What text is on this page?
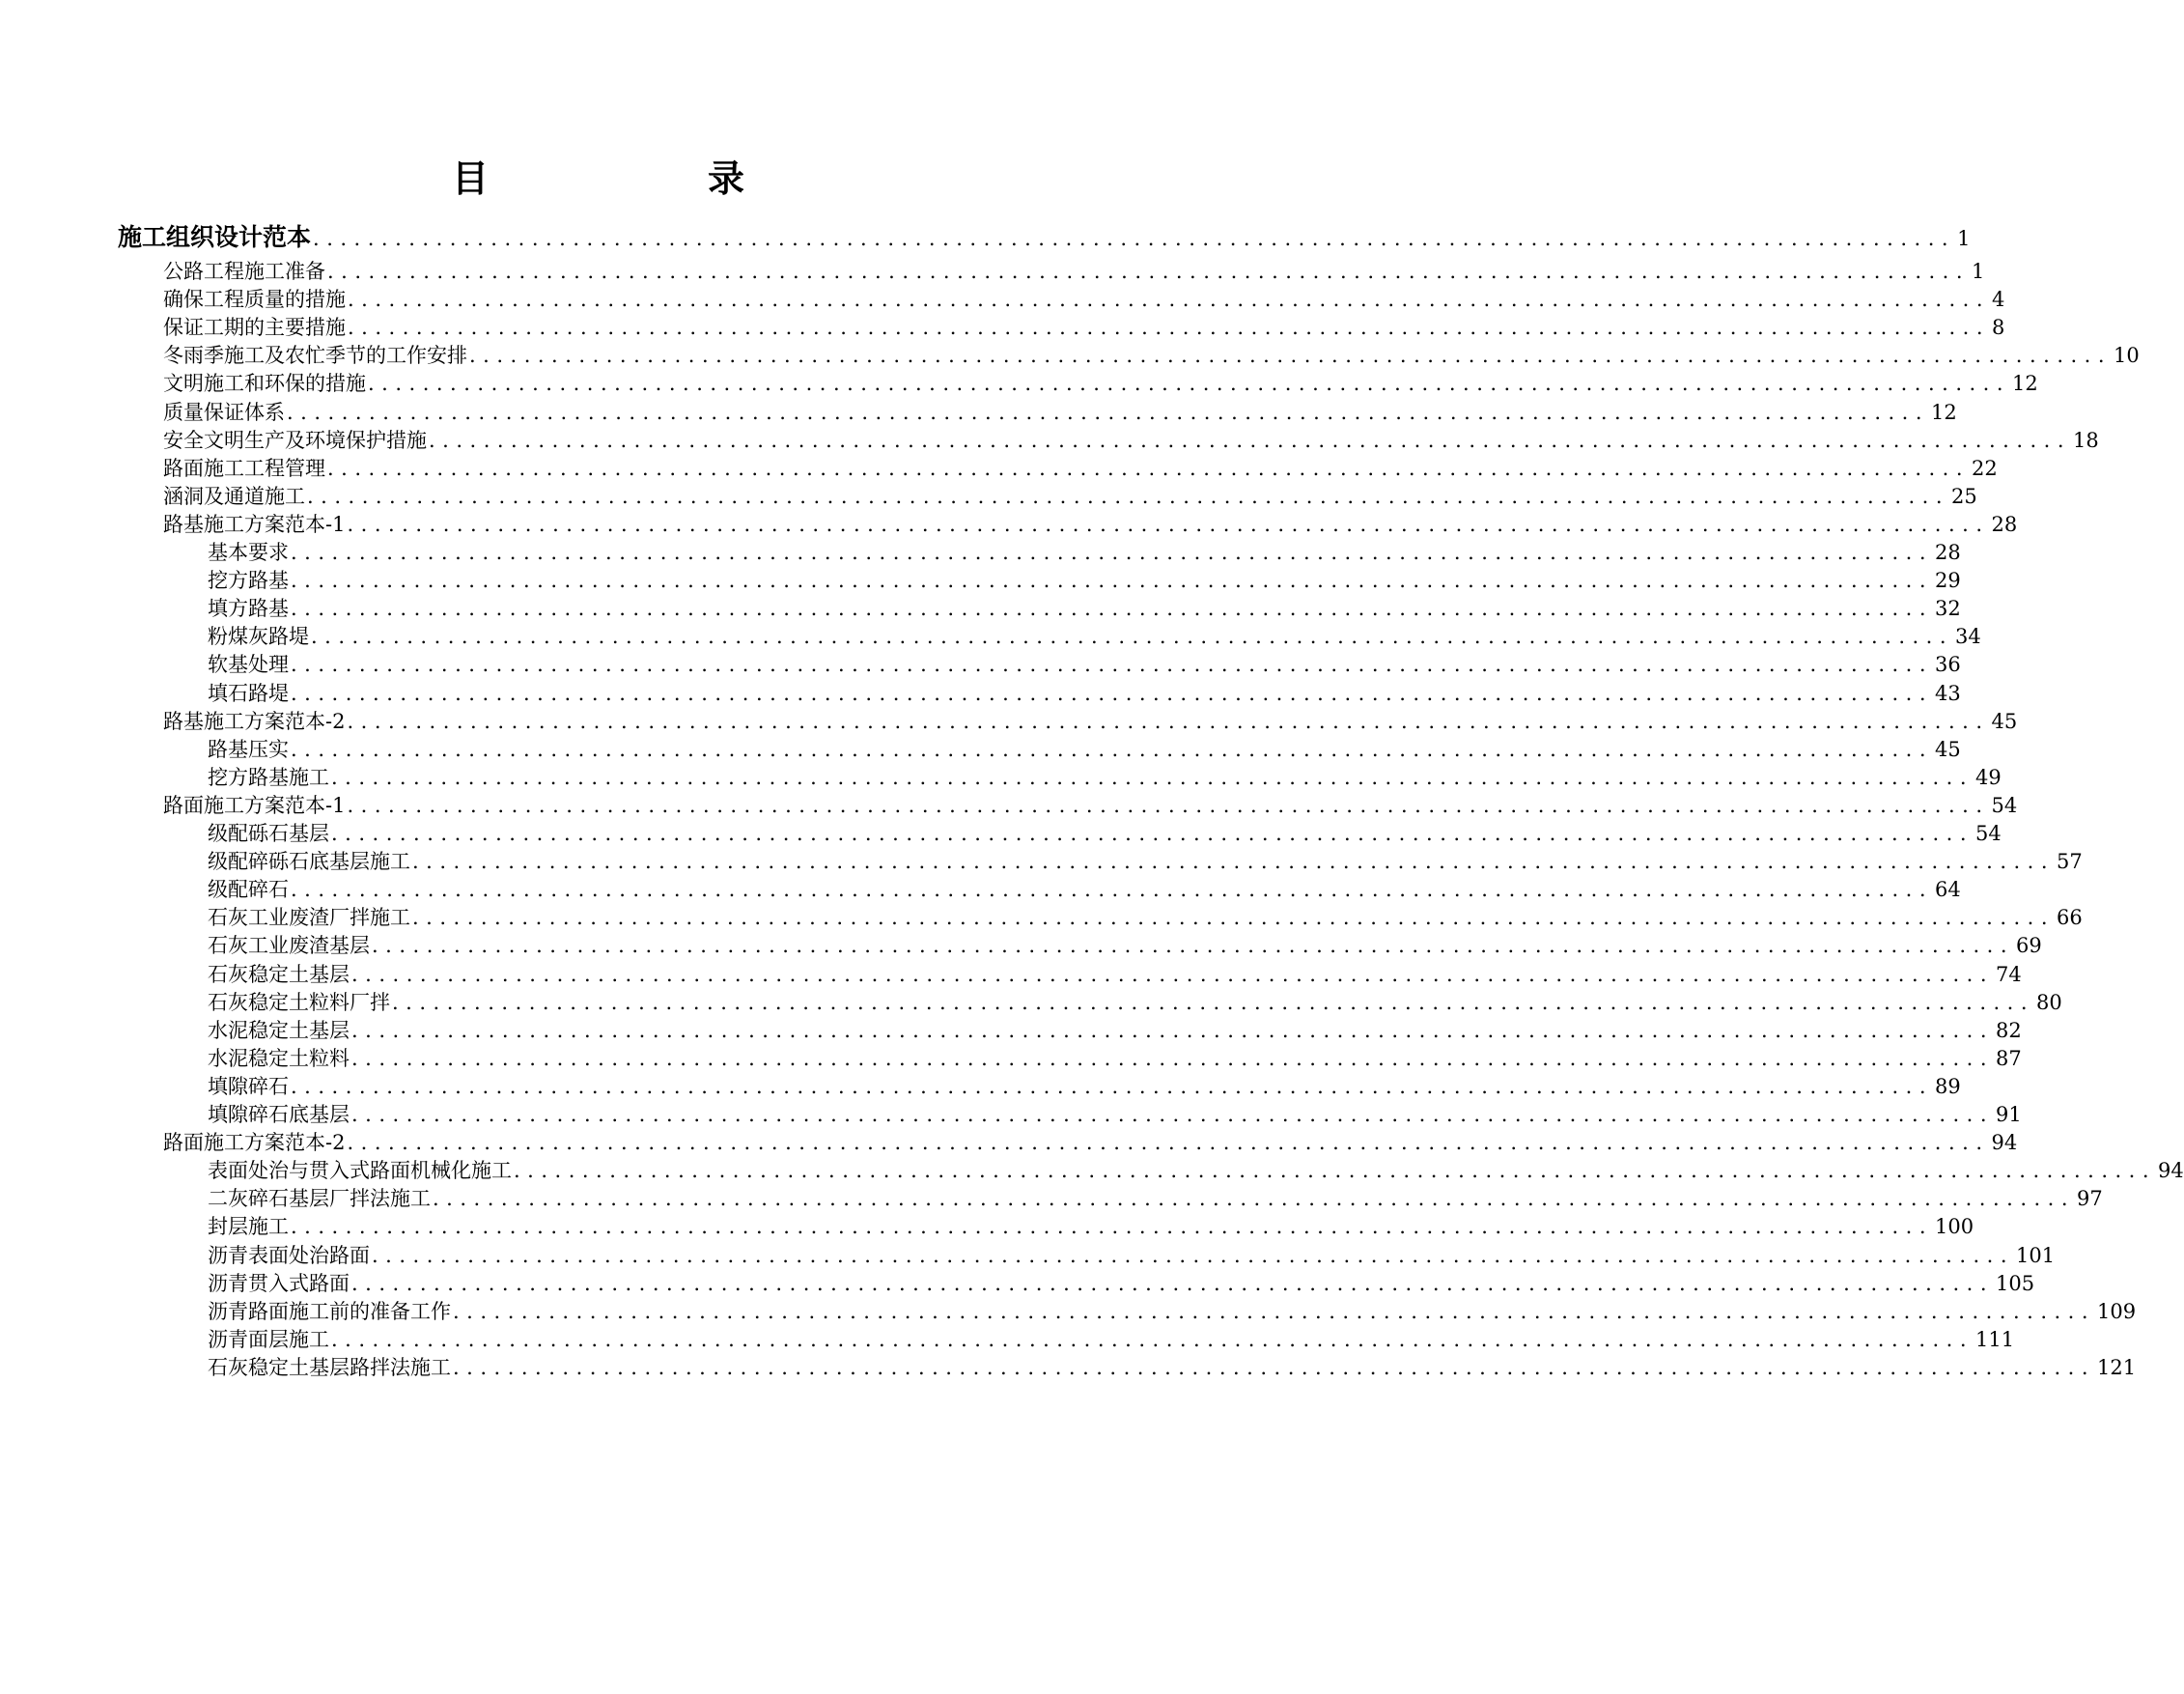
目	录
施工组织设计范本 ........................................................................................................................ 1
公路工程施工准备 ........................................................................................................................ 1
确保工程质量的措施 ........................................................................................................................ 4
保证工期的主要措施 ........................................................................................................................ 8
冬雨季施工及农忙季节的工作安排 ........................................................................................................................ 10
文明施工和环保的措施 ........................................................................................................................ 12
质量保证体系 ........................................................................................................................ 12
安全文明生产及环境保护措施 ........................................................................................................................ 18
路面施工工程管理 ........................................................................................................................ 22
涵洞及通道施工 ........................................................................................................................ 25
路基施工方案范本-1 ........................................................................................................................ 28
基本要求 ........................................................................................................................ 28
挖方路基 ........................................................................................................................ 29
填方路基 ........................................................................................................................ 32
粉煤灰路堤 ........................................................................................................................ 34
软基处理 ........................................................................................................................ 36
填石路堤 ........................................................................................................................ 43
路基施工方案范本-2 ........................................................................................................................ 45
路基压实 ........................................................................................................................ 45
挖方路基施工 ........................................................................................................................ 49
路面施工方案范本-1 ........................................................................................................................ 54
级配砾石基层 ........................................................................................................................ 54
级配碎砾石底基层施工 ........................................................................................................................ 57
级配碎石 ........................................................................................................................ 64
石灰工业废渣厂拌施工 ........................................................................................................................ 66
石灰工业废渣基层 ........................................................................................................................ 69
石灰稳定土基层 ........................................................................................................................ 74
石灰稳定土粒料厂拌 ........................................................................................................................ 80
水泥稳定土基层 ........................................................................................................................ 82
水泥稳定土粒料 ........................................................................................................................ 87
填隙碎石 ........................................................................................................................ 89
填隙碎石底基层 ........................................................................................................................ 91
路面施工方案范本-2 ........................................................................................................................ 94
表面处治与贯入式路面机械化施工 ........................................................................................................................ 94
二灰碎石基层厂拌法施工 ........................................................................................................................ 97
封层施工 ........................................................................................................................ 100
沥青表面处治路面 ........................................................................................................................ 101
沥青贯入式路面 ........................................................................................................................ 105
沥青路面施工前的准备工作 ........................................................................................................................ 109
沥青面层施工 ........................................................................................................................ 111
石灰稳定土基层路拌法施工 ........................................................................................................................ 121
